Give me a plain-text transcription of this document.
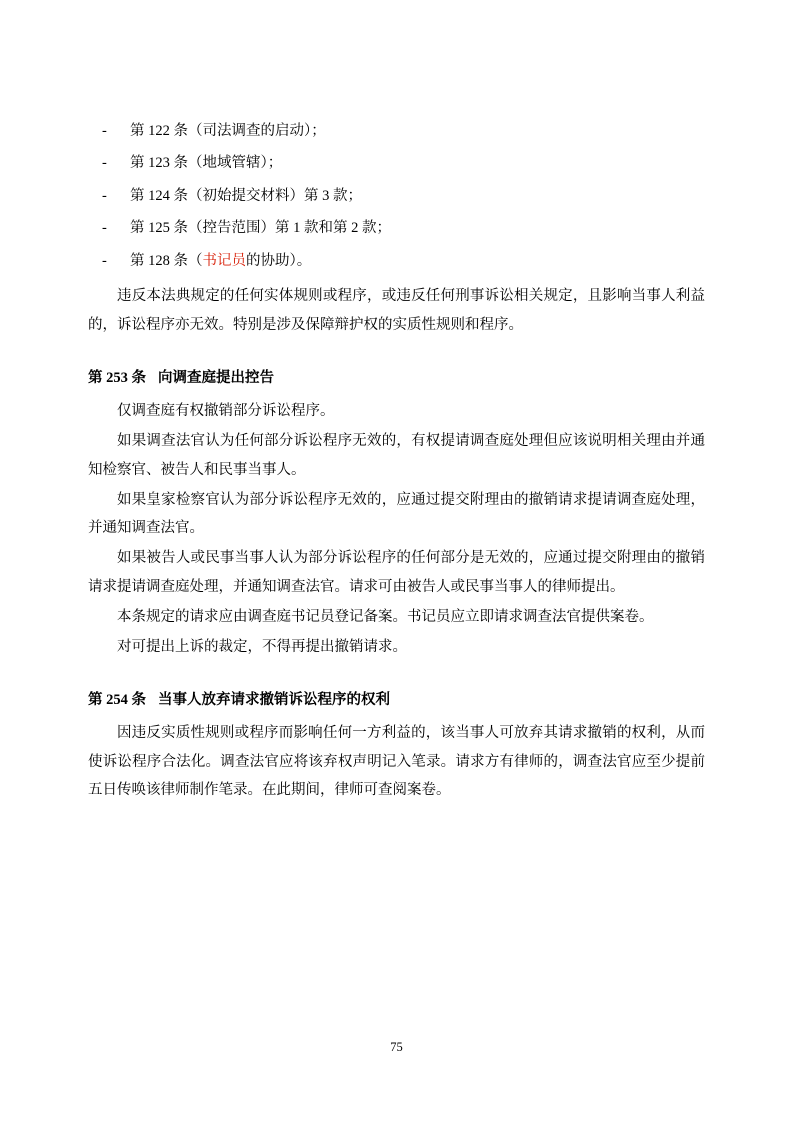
- 第 122 条（司法调查的启动）；
- 第 123 条（地域管辖）；
- 第 124 条（初始提交材料）第 3 款；
- 第 125 条（控告范围）第 1 款和第 2 款；
- 第 128 条（书记员的协助）。

违反本法典规定的任何实体规则或程序，或违反任何刑事诉讼相关规定，且影响当事人利益的，诉讼程序亦无效。特别是涉及保障辩护权的实质性规则和程序。

第 253 条 向调查庭提出控告

仅调查庭有权撤销部分诉讼程序。

如果调查法官认为任何部分诉讼程序无效的，有权提请调查庭处理但应该说明相关理由并通知检察官、被告人和民事当事人。

如果皇家检察官认为部分诉讼程序无效的，应通过提交附理由的撤销请求提请调查庭处理，并通知调查法官。

如果被告人或民事当事人认为部分诉讼程序的任何部分是无效的，应通过提交附理由的撤销请求提请调查庭处理，并通知调查法官。请求可由被告人或民事当事人的律师提出。

本条规定的请求应由调查庭书记员登记备案。书记员应立即请求调查法官提供案卷。

对可提出上诉的裁定，不得再提出撤销请求。

第 254 条 当事人放弃请求撤销诉讼程序的权利

因违反实质性规则或程序而影响任何一方利益的，该当事人可放弃其请求撤销的权利，从而使诉讼程序合法化。调查法官应将该弃权声明记入笔录。请求方有律师的，调查法官应至少提前五日传唤该律师制作笔录。在此期间，律师可查阅案卷。

75
